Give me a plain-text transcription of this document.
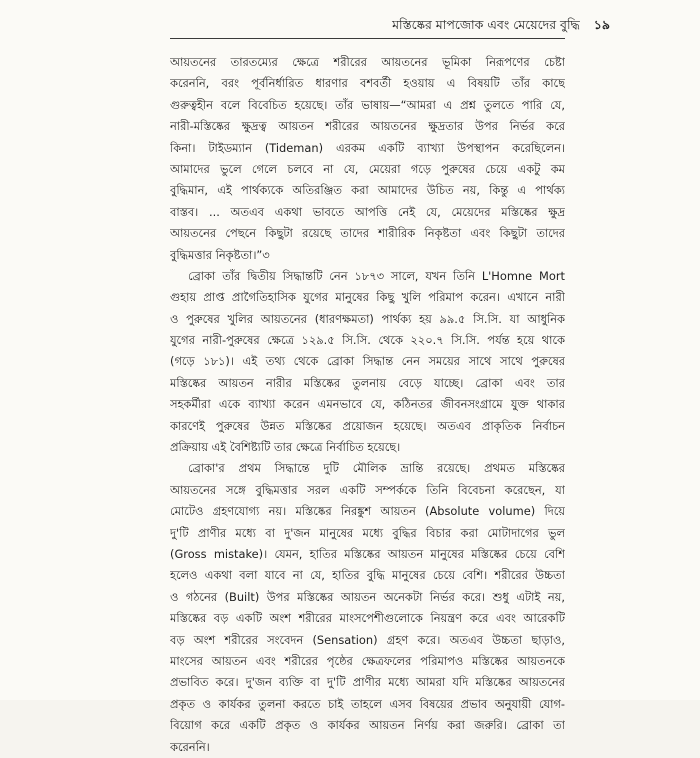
মস্তিষ্কের মাপজোক এবং মেয়েদের বুদ্ধি ১৯
আয়তনের তারতম্যের ক্ষেত্রে শরীরের আয়তনের ভূমিকা নিরূপণের চেষ্টা
করেননি, বরং পূর্বনির্ধারিত ধারণার বশবর্তী হওয়ায় এ বিষয়টি তাঁর কাছে
গুরুত্বহীন বলে বিবেচিত হয়েছে। তাঁর ভাষায়—“আমরা এ প্রশ্ন তুলতে পারি যে,
নারী-মস্তিষ্কের ক্ষুদ্রত্ব আয়তন শরীরের আয়তনের ক্ষুদ্রতার উপর নির্ভর করে
কিনা। টাইডম্যান (Tideman) এরকম একটি ব্যাখ্যা উপস্থাপন করেছিলেন।
আমাদের ভুলে গেলে চলবে না যে, মেয়েরা গড়ে পুরুষের চেয়ে একটু কম
বুদ্ধিমান, এই পার্থক্যকে অতিরঞ্জিত করা আমাদের উচিত নয়, কিন্তু এ পার্থক্য
বাস্তব। ... অতএব একথা ভাবতে আপত্তি নেই যে, মেয়েদের মস্তিষ্কের ক্ষুদ্র
আয়তনের পেছনে কিছুটা রয়েছে তাদের শারীরিক নিকৃষ্টতা এবং কিছুটা তাদের
বুদ্ধিমত্তার নিকৃষ্টতা।”৩
ব্রোকা তাঁর দ্বিতীয় সিদ্ধান্তটি নেন ১৮৭৩ সালে, যখন তিনি L'Homne Mort
গুহায় প্রাপ্ত প্রাগৈতিহাসিক যুগের মানুষের কিছু খুলি পরিমাপ করেন। এখানে নারী
ও পুরুষের খুলির আয়তনের (ধারণক্ষমতা) পার্থক্য হয় ৯৯.৫ সি.সি. যা আধুনিক
যুগের নারী-পুরুষের ক্ষেত্রে ১২৯.৫ সি.সি. থেকে ২২০.৭ সি.সি. পর্যন্ত হয়ে থাকে
(গড়ে ১৮১)। এই তথ্য থেকে ব্রোকা সিদ্ধান্ত নেন সময়ের সাথে সাথে পুরুষের
মস্তিষ্কের আয়তন নারীর মস্তিষ্কের তুলনায় বেড়ে যাচ্ছে। ব্রোকা এবং তার
সহকর্মীরা একে ব্যাখ্যা করেন এমনভাবে যে, কঠিনতর জীবনসংগ্রামে যুক্ত থাকার
কারণেই পুরুষের উন্নত মস্তিষ্কের প্রয়োজন হয়েছে। অতএব প্রাকৃতিক নির্বাচন
প্রক্রিয়ায় এই বৈশিষ্ট্যটি তার ক্ষেত্রে নির্বাচিত হয়েছে।
ব্রোকা'র প্রথম সিদ্ধান্তে দুটি মৌলিক ভ্রান্তি রয়েছে। প্রথমত মস্তিষ্কের
আয়তনের সঙ্গে বুদ্ধিমত্তার সরল একটি সম্পর্ককে তিনি বিবেচনা করেছেন, যা
মোটেও গ্রহণযোগ্য নয়। মস্তিষ্কের নিরঙ্কুশ আয়তন (Absolute volume) দিয়ে
দু'টি প্রাণীর মধ্যে বা দু'জন মানুষের মধ্যে বুদ্ধির বিচার করা মোটাদাগের ভুল
(Gross mistake)। যেমন, হাতির মস্তিষ্কের আয়তন মানুষের মস্তিষ্কের চেয়ে বেশি
হলেও একথা বলা যাবে না যে, হাতির বুদ্ধি মানুষের চেয়ে বেশি। শরীরের উচ্চতা
ও গঠনের (Built) উপর মস্তিষ্কের আয়তন অনেকটা নির্ভর করে। শুধু এটাই নয়,
মস্তিষ্কের বড় একটি অংশ শরীরের মাংসপেশীগুলোকে নিয়ন্ত্রণ করে এবং আরেকটি
বড় অংশ শরীরের সংবেদন (Sensation) গ্রহণ করে। অতএব উচ্চতা ছাড়াও,
মাংসের আয়তন এবং শরীরের পৃষ্ঠের ক্ষেত্রফলের পরিমাপও মস্তিষ্কের আয়তনকে
প্রভাবিত করে। দু'জন ব্যক্তি বা দু'টি প্রাণীর মধ্যে আমরা যদি মস্তিষ্কের আয়তনের
প্রকৃত ও কার্যকর তুলনা করতে চাই তাহলে এসব বিষয়ের প্রভাব অনুযায়ী যোগ-
বিয়োগ করে একটি প্রকৃত ও কার্যকর আয়তন নির্ণয় করা জরুরি। ব্রোকা তা
করেননি।
